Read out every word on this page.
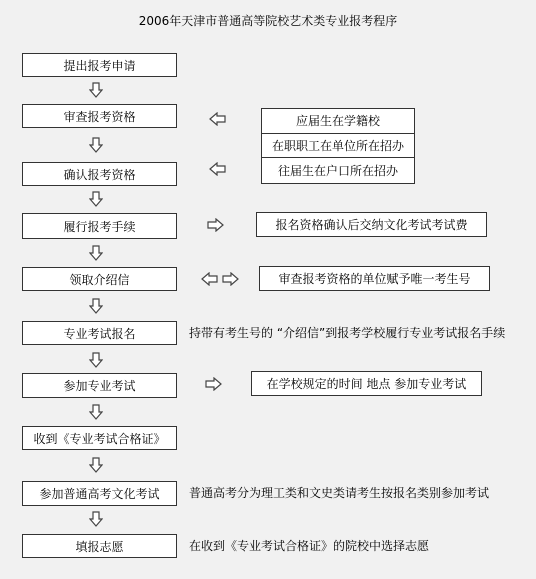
2006年天津市普通高等院校艺术类专业报考程序
提出报考申请
审查报考资格
确认报考资格
履行报考手续
领取介绍信
专业考试报名
参加专业考试
收到《专业考试合格证》
参加普通高考文化考试
填报志愿
应届生在学籍校
在职职工在单位所在招办
往届生在户口所在招办
报名资格确认后交纳文化考试考试费
审查报考资格的单位赋予唯一考生号
持带有考生号的 “介绍信”到报考学校履行专业考试报名手续
在学校规定的时间 地点 参加专业考试
普通高考分为理工类和文史类请考生按报名类别参加考试
在收到《专业考试合格证》的院校中选择志愿
